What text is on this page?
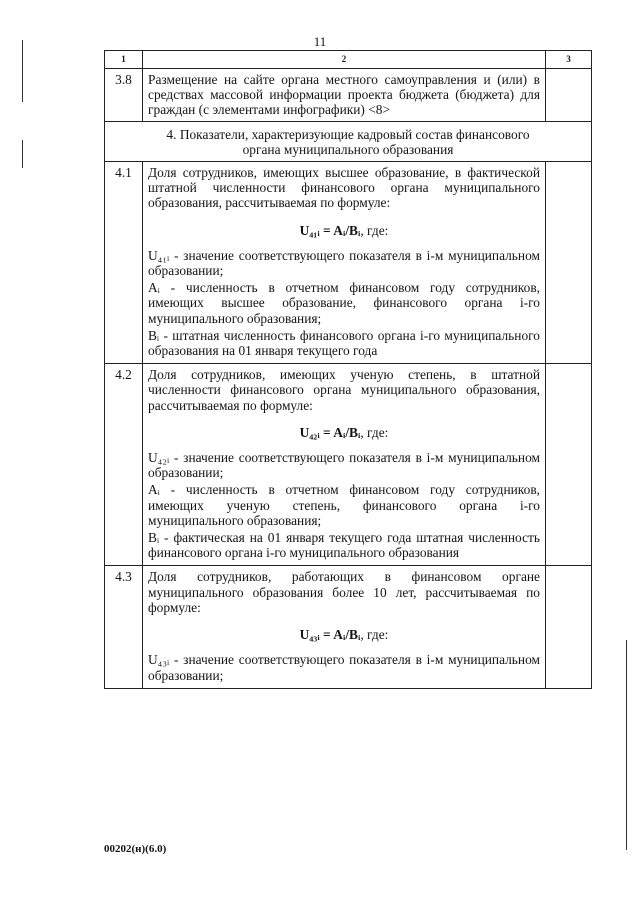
11
1	2	3
3.8	Размещение на сайте органа местного самоуправления и (или) в средствах массовой информации проекта бюджета (бюджета) для граждан (с элементами инфографики) <8>	
4. Показатели, характеризующие кадровый состав финансового органа муниципального образования		
4.1	Доля сотрудников, имеющих высшее образование, в фактической штатной численности финансового органа муниципального образования, рассчитываемая по формуле:
U₄₁ᵢ = Aᵢ/Bᵢ, где:
U₄₁ᵢ - значение соответствующего показателя в i-м муниципальном образовании;
Aᵢ - численность в отчетном финансовом году сотрудников, имеющих высшее образование, финансового органа i-го муниципального образования;
Bᵢ - штатная численность финансового органа i-го муниципального образования на 01 января текущего года	

4.2	Доля сотрудников, имеющих ученую степень, в штатной численности финансового органа муниципального образования, рассчитываемая по формуле:
U₄₂ᵢ = Aᵢ/Bᵢ, где:
U₄₂ᵢ - значение соответствующего показателя в i-м муниципальном образовании;
Aᵢ - численность в отчетном финансовом году сотрудников, имеющих ученую степень, финансового органа i-го муниципального образования;
Bᵢ - фактическая на 01 января текущего года штатная численность финансового органа i-го муниципального образования	

4.3	Доля сотрудников, работающих в финансовом органе муниципального образования более 10 лет, рассчитываемая по формуле:
U₄₃ᵢ = Aᵢ/Bᵢ, где:
U₄₃ᵢ - значение соответствующего показателя в i-м муниципальном образовании;	

00202(н)(6.0)
